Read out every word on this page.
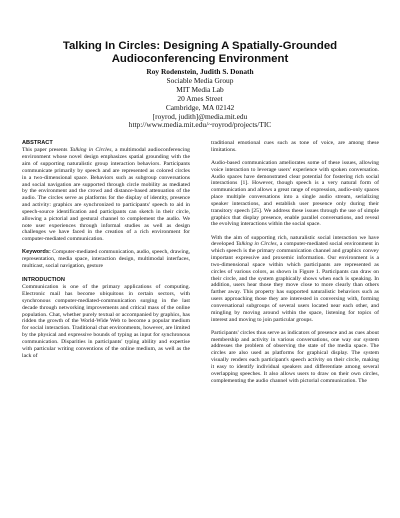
Talking In Circles: Designing A Spatially-Grounded Audioconferencing Environment
Roy Rodenstein, Judith S. Donath
Sociable Media Group
MIT Media Lab
20 Ames Street
Cambridge, MA 02142
[royrod, judith]@media.mit.edu
http://www.media.mit.edu/~royrod/projects/TIC
ABSTRACT

This paper presents Talking in Circles, a multimodal audioconferencing environment whose novel design emphasizes spatial grounding with the aim of supporting naturalistic group interaction behaviors. Participants communicate primarily by speech and are represented as colored circles in a two-dimensional space. Behaviors such as subgroup conversations and social navigation are supported through circle mobility as mediated by the environment and the crowd and distance-based attenuation of the audio. The circles serve as platforms for the display of identity, presence and activity: graphics are synchronized to participants' speech to aid in speech-source identification and participants can sketch in their circle, allowing a pictorial and gestural channel to complement the audio. We note user experiences through informal studies as well as design challenges we have faced in the creation of a rich environment for computer-mediated communication.

Keywords: Computer-mediated communication, audio, speech, drawing, representation, media space, interaction design, multimodal interfaces, multicast, social navigation, gesture

INTRODUCTION

Communication is one of the primary applications of computing. Electronic mail has become ubiquitous in certain sectors, with synchronous computer-mediated-communication surging in the last decade through networking improvements and critical mass of the online population. Chat, whether purely textual or accompanied by graphics, has ridden the growth of the World-Wide Web to become a popular medium for social interaction. Traditional chat environments, however, are limited by the physical and expressive bounds of typing as input for synchronous communication. Disparities in participants' typing ability and expertise with particular writing conventions of the online medium, as well as the lack of

traditional emotional cues such as tone of voice, are among these limitations.

Audio-based communication ameliorates some of these issues, allowing voice interaction to leverage users' experience with spoken conversation. Audio spaces have demonstrated clear potential for fostering rich social interactions [1]. However, though speech is a very natural form of communication and allows a great range of expression, audio-only spaces place multiple conversations into a single audio stream, serializing speaker interactions, and establish user presence only during their transitory speech [25]. We address these issues through the use of simple graphics that display presence, enable parallel conversations, and reveal the evolving interactions within the social space.

With the aim of supporting rich, naturalistic social interaction we have developed Talking in Circles, a computer-mediated social environment in which speech is the primary communication channel and graphics convey important expressive and proxemic information. Our environment is a two-dimensional space within which participants are represented as circles of various colors, as shown in Figure 1. Participants can draw on their circle, and the system graphically shows when each is speaking. In addition, users hear those they move close to more clearly than others farther away. This property has supported naturalistic behaviors such as users approaching those they are interested in conversing with, forming conversational subgroups of several users located near each other, and mingling by moving around within the space, listening for topics of interest and moving to join particular groups.

Participants' circles thus serve as indicators of presence and as cues about membership and activity in various conversations, one way our system addresses the problem of observing the state of the media space. The circles are also used as platforms for graphical display. The system visually renders each participant's speech activity on their circle, making it easy to identify individual speakers and differentiate among several overlapping speeches. It also allows users to draw on their own circles, complementing the audio channel with pictorial communication. The
